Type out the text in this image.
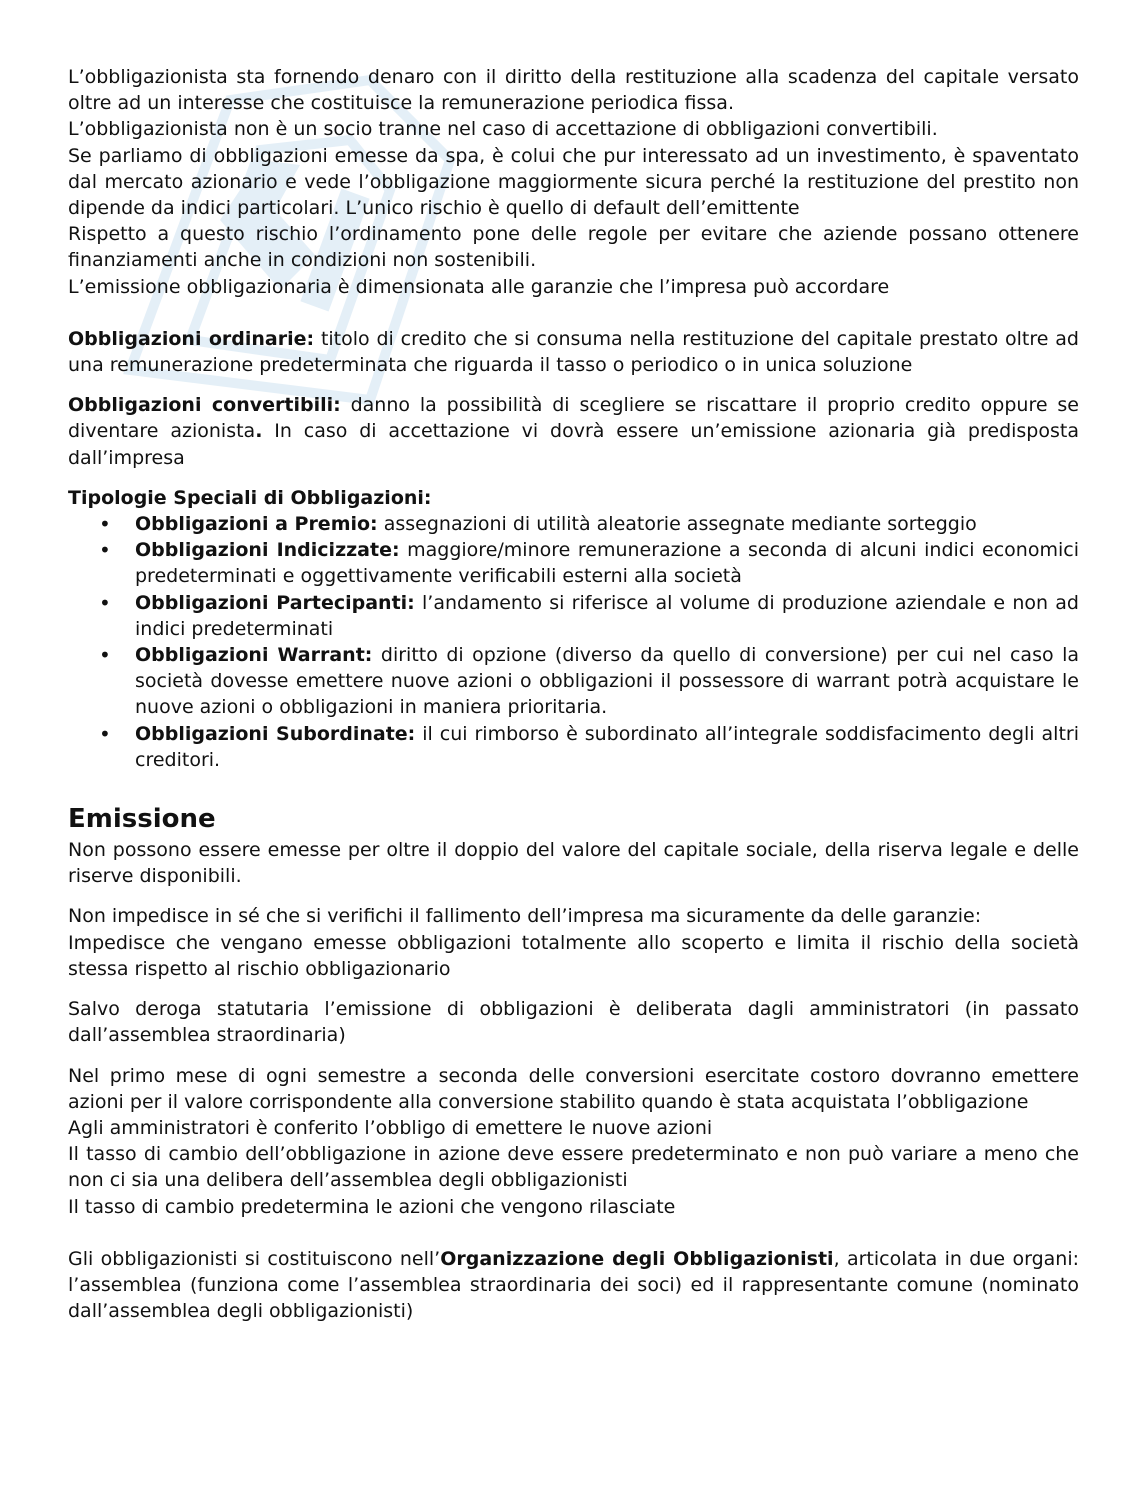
L’obbligazionista sta fornendo denaro con il diritto della restituzione alla scadenza del capitale versato oltre ad un interesse che costituisce la remunerazione periodica fissa.

L’obbligazionista non è un socio tranne nel caso di accettazione di obbligazioni convertibili.

Se parliamo di obbligazioni emesse da spa, è colui che pur interessato ad un investimento, è spaventato dal mercato azionario e vede l’obbligazione maggiormente sicura perché la restituzione del prestito non dipende da indici particolari. L’unico rischio è quello di default dell’emittente

Rispetto a questo rischio l’ordinamento pone delle regole per evitare che aziende possano ottenere finanziamenti anche in condizioni non sostenibili.

L’emissione obbligazionaria è dimensionata alle garanzie che l’impresa può accordare

Obbligazioni ordinarie: titolo di credito che si consuma nella restituzione del capitale prestato oltre ad una remunerazione predeterminata che riguarda il tasso o periodico o in unica soluzione

Obbligazioni convertibili: danno la possibilità di scegliere se riscattare il proprio credito oppure se diventare azionista. In caso di accettazione vi dovrà essere un’emissione azionaria già predisposta dall’impresa

Tipologie Speciali di Obbligazioni:

• Obbligazioni a Premio: assegnazioni di utilità aleatorie assegnate mediante sorteggio
• Obbligazioni Indicizzate: maggiore/minore remunerazione a seconda di alcuni indici economici predeterminati e oggettivamente verificabili esterni alla società
• Obbligazioni Partecipanti: l’andamento si riferisce al volume di produzione aziendale e non ad indici predeterminati
• Obbligazioni Warrant: diritto di opzione (diverso da quello di conversione) per cui nel caso la società dovesse emettere nuove azioni o obbligazioni il possessore di warrant potrà acquistare le nuove azioni o obbligazioni in maniera prioritaria.
• Obbligazioni Subordinate: il cui rimborso è subordinato all’integrale soddisfacimento degli altri creditori.
Emissione

Non possono essere emesse per oltre il doppio del valore del capitale sociale, della riserva legale e delle riserve disponibili.

Non impedisce in sé che si verifichi il fallimento dell’impresa ma sicuramente da delle garanzie:

Impedisce che vengano emesse obbligazioni totalmente allo scoperto e limita il rischio della società stessa rispetto al rischio obbligazionario

Salvo deroga statutaria l’emissione di obbligazioni è deliberata dagli amministratori (in passato dall’assemblea straordinaria)

Nel primo mese di ogni semestre a seconda delle conversioni esercitate costoro dovranno emettere azioni per il valore corrispondente alla conversione stabilito quando è stata acquistata l’obbligazione

Agli amministratori è conferito l’obbligo di emettere le nuove azioni

Il tasso di cambio dell’obbligazione in azione deve essere predeterminato e non può variare a meno che non ci sia una delibera dell’assemblea degli obbligazionisti

Il tasso di cambio predetermina le azioni che vengono rilasciate

Gli obbligazionisti si costituiscono nell’Organizzazione degli Obbligazionisti, articolata in due organi: l’assemblea (funziona come l’assemblea straordinaria dei soci) ed il rappresentante comune (nominato dall’assemblea degli obbligazionisti)
